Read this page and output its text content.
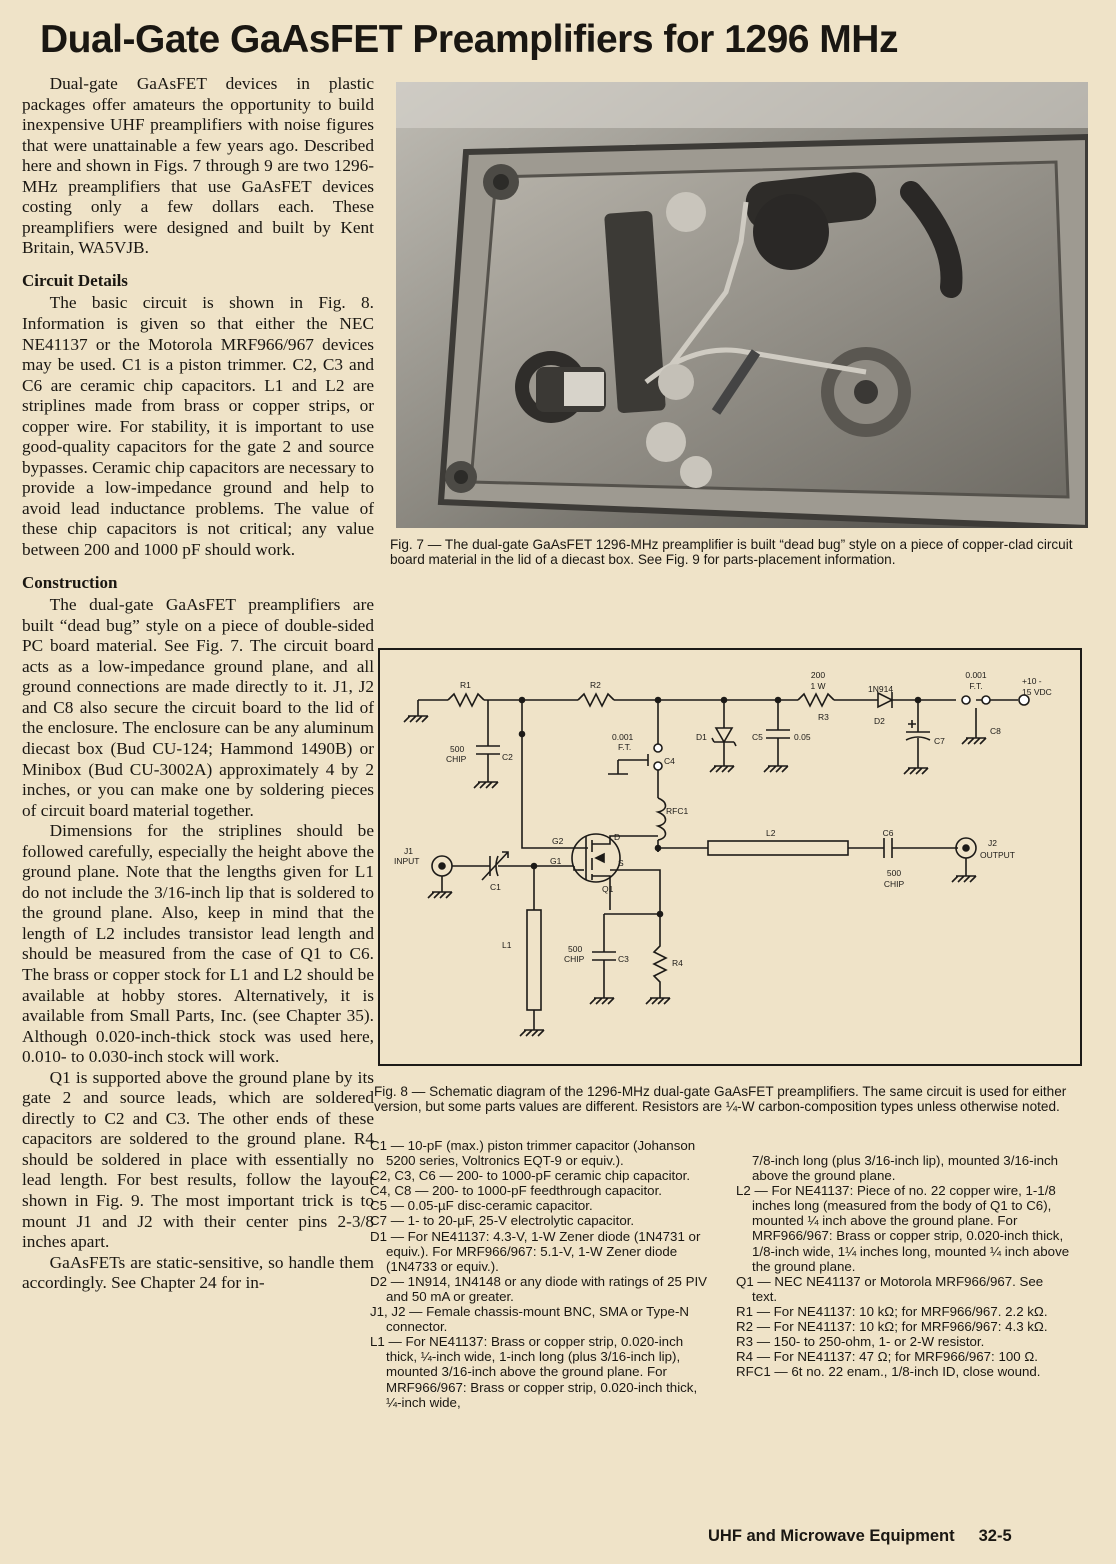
Dual-Gate GaAsFET Preamplifiers for 1296 MHz

Dual-gate GaAsFET devices in plastic packages offer amateurs the opportunity to build inexpensive UHF preamplifiers with noise figures that were unattainable a few years ago. Described here and shown in Figs. 7 through 9 are two 1296-MHz preamplifiers that use GaAsFET devices costing only a few dollars each. These preamplifiers were designed and built by Kent Britain, WA5VJB.

Circuit Details

The basic circuit is shown in Fig. 8. Information is given so that either the NEC NE41137 or the Motorola MRF966/967 devices may be used. C1 is a piston trimmer. C2, C3 and C6 are ceramic chip capacitors. L1 and L2 are striplines made from brass or copper strips, or copper wire. For stability, it is important to use good-quality capacitors for the gate 2 and source bypasses. Ceramic chip capacitors are necessary to provide a low-impedance ground and help to avoid lead inductance problems. The value of these chip capacitors is not critical; any value between 200 and 1000 pF should work.

Construction

The dual-gate GaAsFET preamplifiers are built “dead bug” style on a piece of double-sided PC board material. See Fig. 7. The circuit board acts as a low-impedance ground plane, and all ground connections are made directly to it. J1, J2 and C8 also secure the circuit board to the lid of the enclosure. The enclosure can be any aluminum diecast box (Bud CU-124; Hammond 1490B) or Minibox (Bud CU-3002A) approximately 4 by 2 inches, or you can make one by soldering pieces of circuit board material together.

Dimensions for the striplines should be followed carefully, especially the height above the ground plane. Note that the lengths given for L1 do not include the 3/16-inch lip that is soldered to the ground plane. Also, keep in mind that the length of L2 includes transistor lead length and should be measured from the case of Q1 to C6. The brass or copper stock for L1 and L2 should be available at hobby stores. Alternatively, it is available from Small Parts, Inc. (see Chapter 35). Although 0.020-inch-thick stock was used here, 0.010- to 0.030-inch stock will work.

Q1 is supported above the ground plane by its gate 2 and source leads, which are soldered directly to C2 and C3. The other ends of these capacitors are soldered to the ground plane. R4 should be soldered in place with essentially no lead length. For best results, follow the layout shown in Fig. 9. The most important trick is to mount J1 and J2 with their center pins 2-3/8 inches apart.

GaAsFETs are static-sensitive, so handle them accordingly. See Chapter 24 for in-

Fig. 7 — The dual-gate GaAsFET 1296-MHz preamplifier is built “dead bug” style on a piece of copper-clad circuit board material in the lid of a diecast box. See Fig. 9 for parts-placement information.

R1	R2
200
1 W
R3
1N914
D2
0.001
F.T.
C8
+10 -
15 VDC
500
CHIP	C2
0.001
F.T.
C4
D1	C5	0.05	C7
RFC1
L2	C6
500
CHIP
J2
OUTPUT
J1
INPUT
C1
G2
G1
D
S
Q1
L1	500
CHIP	C3	R4

Fig. 8 — Schematic diagram of the 1296-MHz dual-gate GaAsFET preamplifiers. The same circuit is used for either version, but some parts values are different. Resistors are ¼-W carbon-composition types unless otherwise noted.

C1 — 10-pF (max.) piston trimmer capacitor (Johanson 5200 series, Voltronics EQT-9 or equiv.).

C2, C3, C6 — 200- to 1000-pF ceramic chip capacitor.

C4, C8 — 200- to 1000-pF feedthrough capacitor.

C5 — 0.05-µF disc-ceramic capacitor.

C7 — 1- to 20-µF, 25-V electrolytic capacitor.

D1 — For NE41137: 4.3-V, 1-W Zener diode (1N4731 or equiv.). For MRF966/967: 5.1-V, 1-W Zener diode (1N4733 or equiv.).

D2 — 1N914, 1N4148 or any diode with ratings of 25 PIV and 50 mA or greater.

J1, J2 — Female chassis-mount BNC, SMA or Type-N connector.

L1 — For NE41137: Brass or copper strip, 0.020-inch thick, ¼-inch wide, 1-inch long (plus 3/16-inch lip), mounted 3/16-inch above the ground plane. For MRF966/967: Brass or copper strip, 0.020-inch thick, ¼-inch wide,

7/8-inch long (plus 3/16-inch lip), mounted 3/16-inch above the ground plane.

L2 — For NE41137: Piece of no. 22 copper wire, 1-1/8 inches long (measured from the body of Q1 to C6), mounted ¼ inch above the ground plane. For MRF966/967: Brass or copper strip, 0.020-inch thick, 1/8-inch wide, 1¼ inches long, mounted ¼ inch above the ground plane.

Q1 — NEC NE41137 or Motorola MRF966/967. See text.

R1 — For NE41137: 10 kΩ; for MRF966/967. 2.2 kΩ.

R2 — For NE41137: 10 kΩ; for MRF966/967: 4.3 kΩ.

R3 — 150- to 250-ohm, 1- or 2-W resistor.

R4 — For NE41137: 47 Ω; for MRF966/967: 100 Ω.

RFC1 — 6t no. 22 enam., 1/8-inch ID, close wound.

UHF and Microwave Equipment 32-5
